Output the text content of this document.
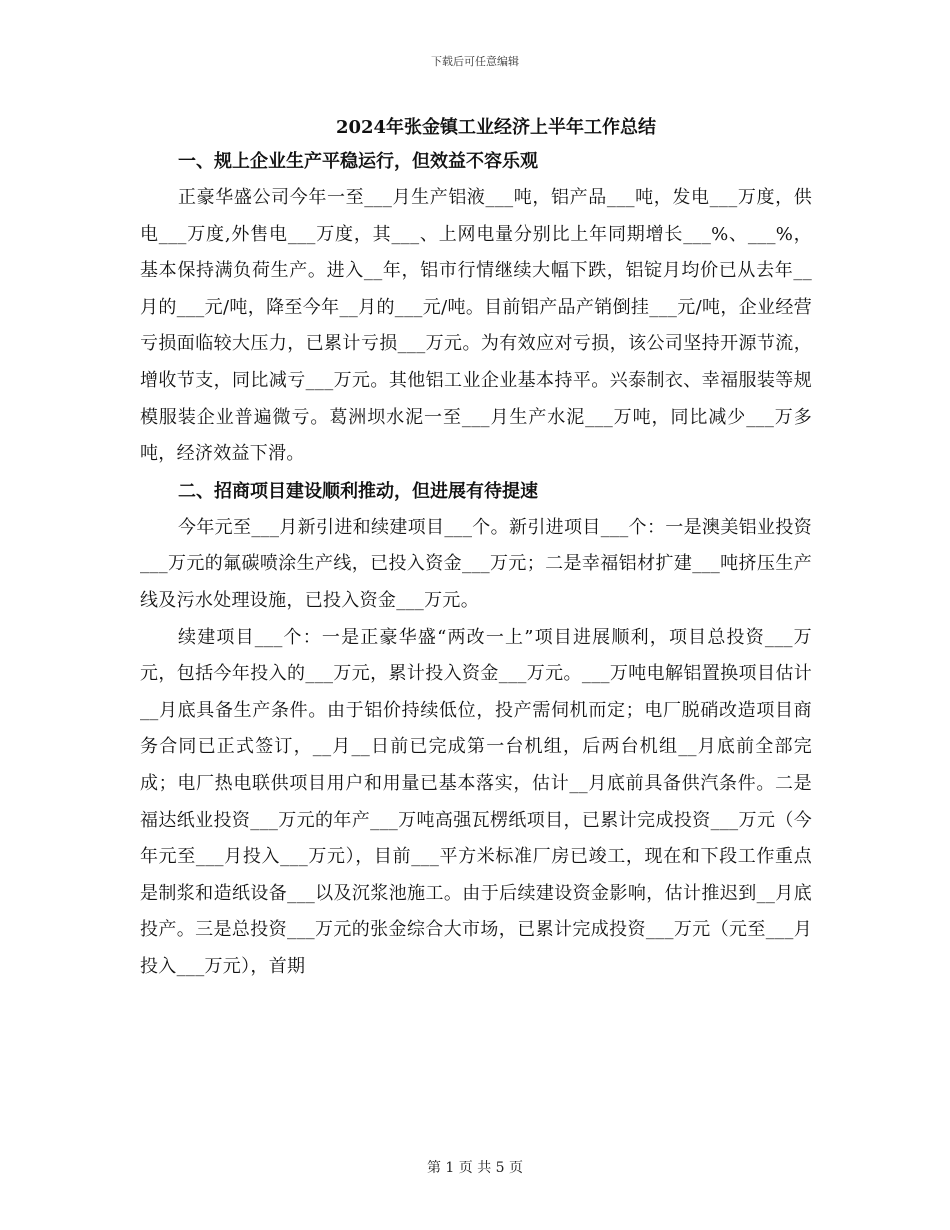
下载后可任意编辑
2024年张金镇工业经济上半年工作总结
一、规上企业生产平稳运行，但效益不容乐观

正豪华盛公司今年一至___月生产铝液___吨，铝产品___吨，发电___万度，供电___万度,外售电___万度，其___、上网电量分别比上年同期增长___%、___%，基本保持满负荷生产。进入__年，铝市行情继续大幅下跌，铝锭月均价已从去年__月的___元/吨，降至今年__月的___元/吨。目前铝产品产销倒挂___元/吨，企业经营亏损面临较大压力，已累计亏损___万元。为有效应对亏损，该公司坚持开源节流，增收节支，同比减亏___万元。其他铝工业企业基本持平。兴泰制衣、幸福服装等规模服装企业普遍微亏。葛洲坝水泥一至___月生产水泥___万吨，同比减少___万多吨，经济效益下滑。

二、招商项目建设顺利推动，但进展有待提速

今年元至___月新引进和续建项目___个。新引进项目___个：一是澳美铝业投资___万元的氟碳喷涂生产线，已投入资金___万元；二是幸福铝材扩建___吨挤压生产线及污水处理设施，已投入资金___万元。

续建项目___个：一是正豪华盛“两改一上”项目进展顺利，项目总投资___万元，包括今年投入的___万元，累计投入资金___万元。___万吨电解铝置换项目估计__月底具备生产条件。由于铝价持续低位，投产需伺机而定；电厂脱硝改造项目商务合同已正式签订，__月__日前已完成第一台机组，后两台机组__月底前全部完成；电厂热电联供项目用户和用量已基本落实，估计__月底前具备供汽条件。二是福达纸业投资___万元的年产___万吨高强瓦楞纸项目，已累计完成投资___万元（今年元至___月投入___万元），目前___平方米标准厂房已竣工，现在和下段工作重点是制浆和造纸设备___以及沉浆池施工。由于后续建设资金影响，估计推迟到__月底投产。三是总投资___万元的张金综合大市场，已累计完成投资___万元（元至___月投入___万元），首期

第 1 页 共 5 页
